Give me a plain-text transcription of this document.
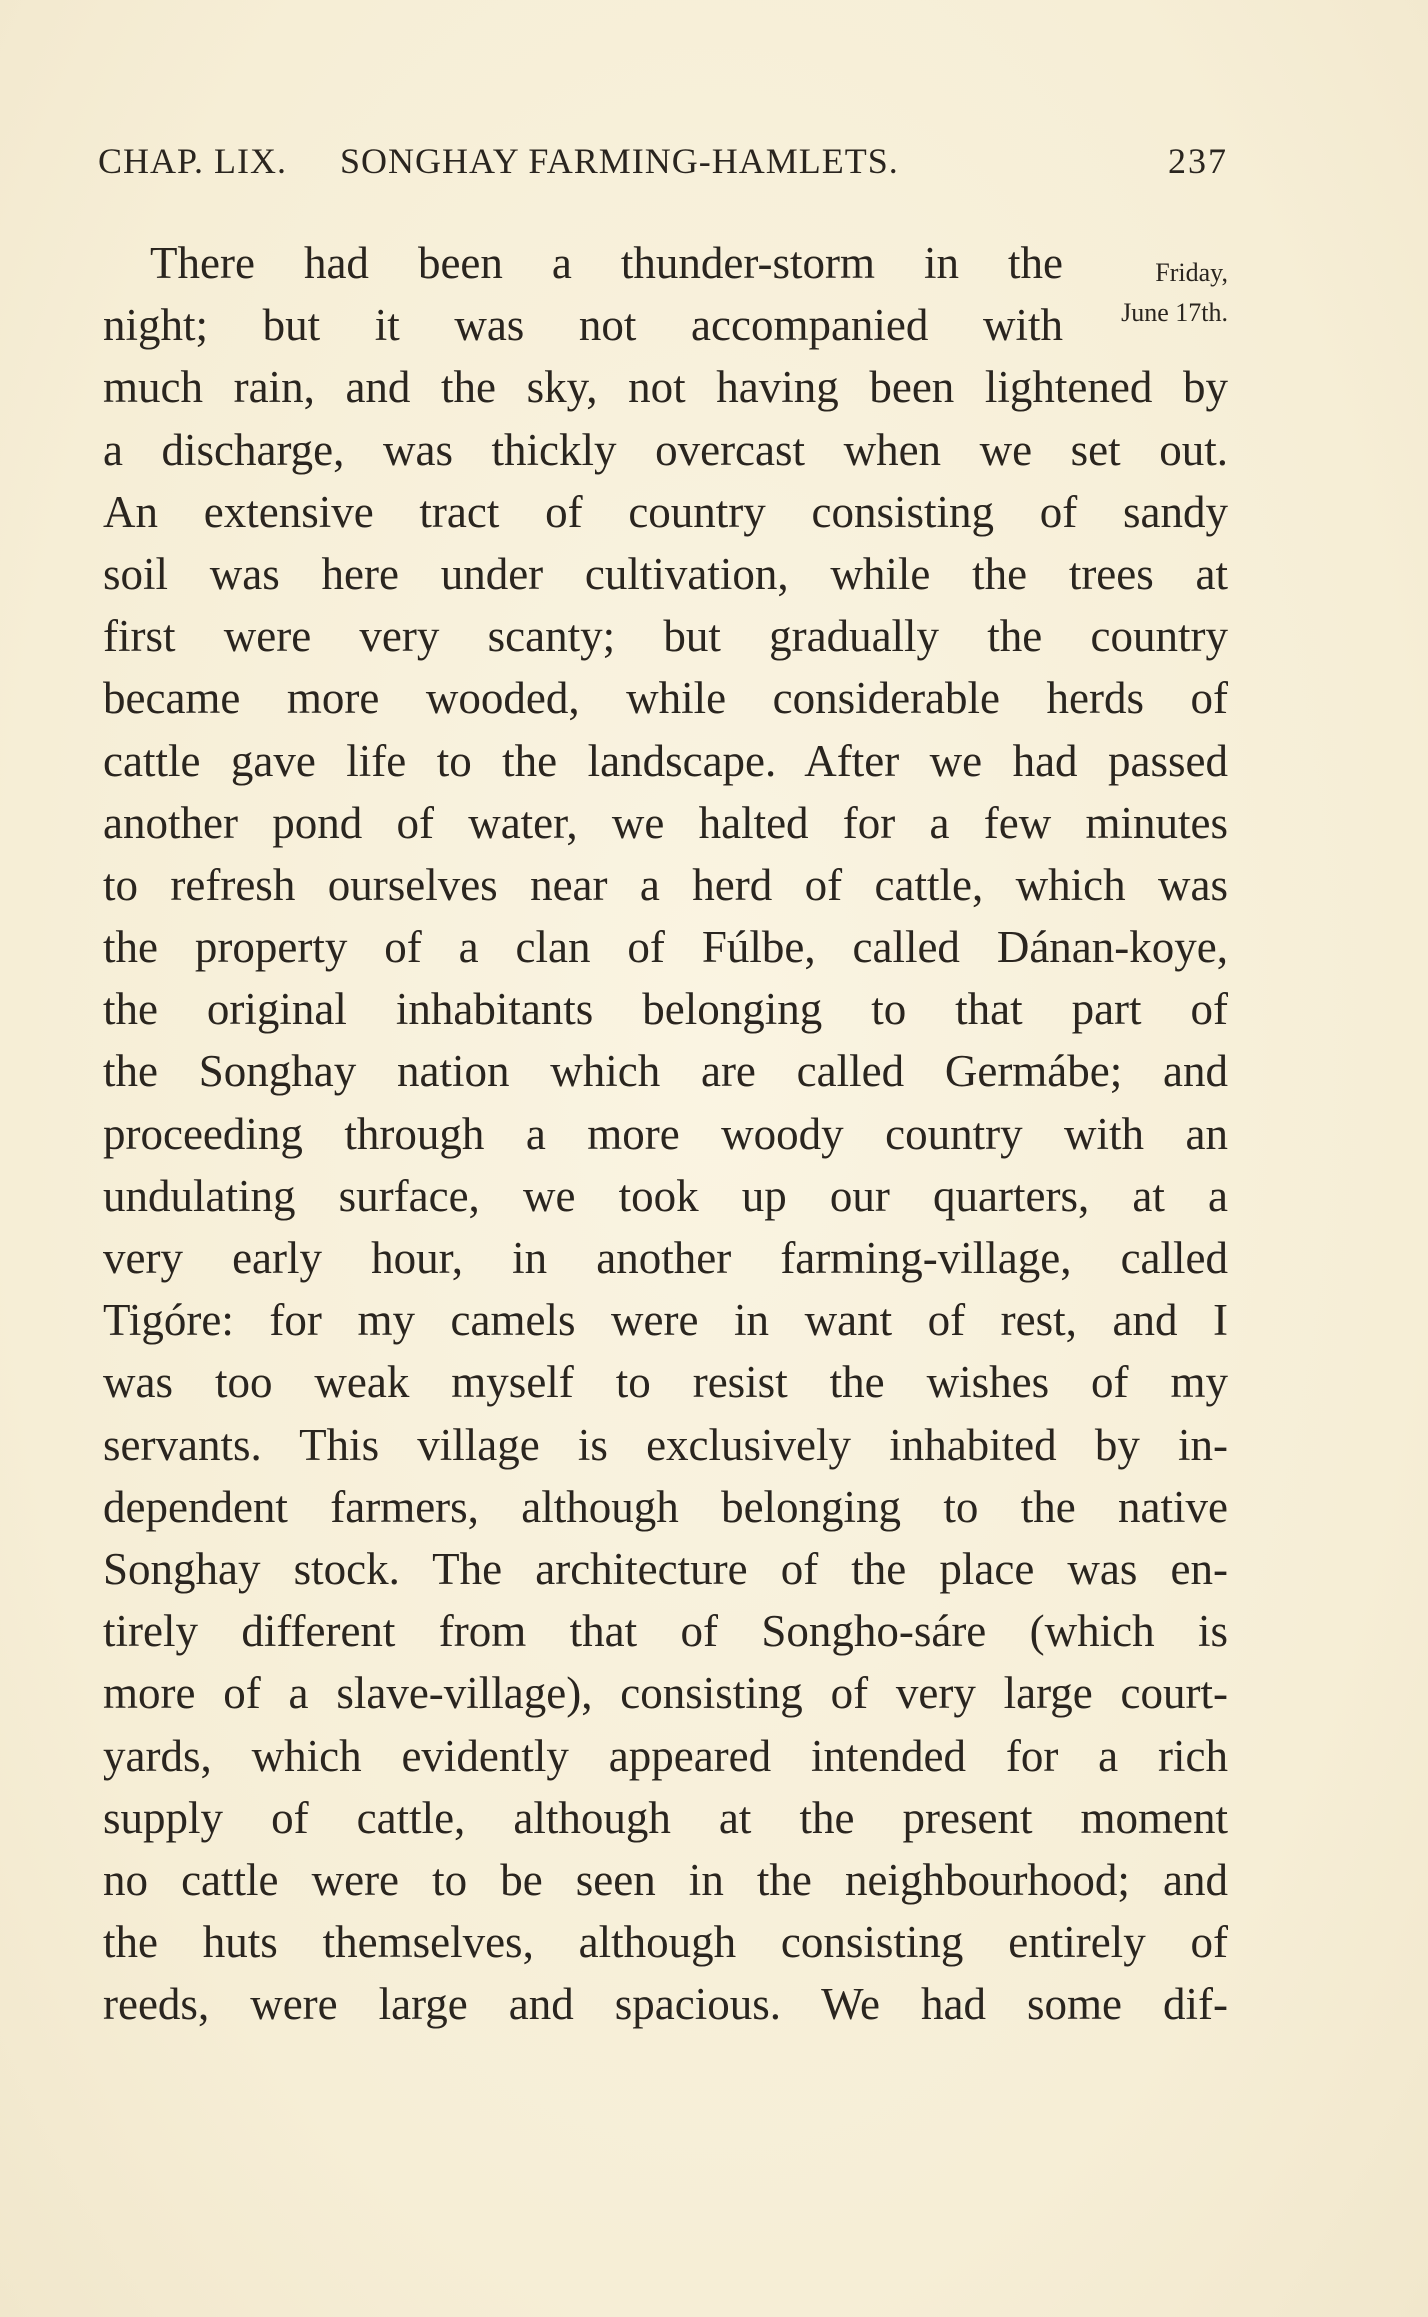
CHAP. LIX. SONGHAY FARMING-HAMLETS.	237
Friday,
June 17th.
There had been a thunder-storm in the
night; but it was not accompanied with
much rain, and the sky, not having been lightened by
a discharge, was thickly overcast when we set out.
An extensive tract of country consisting of sandy
soil was here under cultivation, while the trees at
first were very scanty; but gradually the country
became more wooded, while considerable herds of
cattle gave life to the landscape. After we had passed
another pond of water, we halted for a few minutes
to refresh ourselves near a herd of cattle, which was
the property of a clan of Fúlbe, called Dánan-koye,
the original inhabitants belonging to that part of
the Songhay nation which are called Germábe; and
proceeding through a more woody country with an
undulating surface, we took up our quarters, at a
very early hour, in another farming-village, called
Tigóre: for my camels were in want of rest, and I
was too weak myself to resist the wishes of my
servants. This village is exclusively inhabited by in-
dependent farmers, although belonging to the native
Songhay stock. The architecture of the place was en-
tirely different from that of Songho-sáre (which is
more of a slave-village), consisting of very large court-
yards, which evidently appeared intended for a rich
supply of cattle, although at the present moment
no cattle were to be seen in the neighbourhood; and
the huts themselves, although consisting entirely of
reeds, were large and spacious. We had some dif-
